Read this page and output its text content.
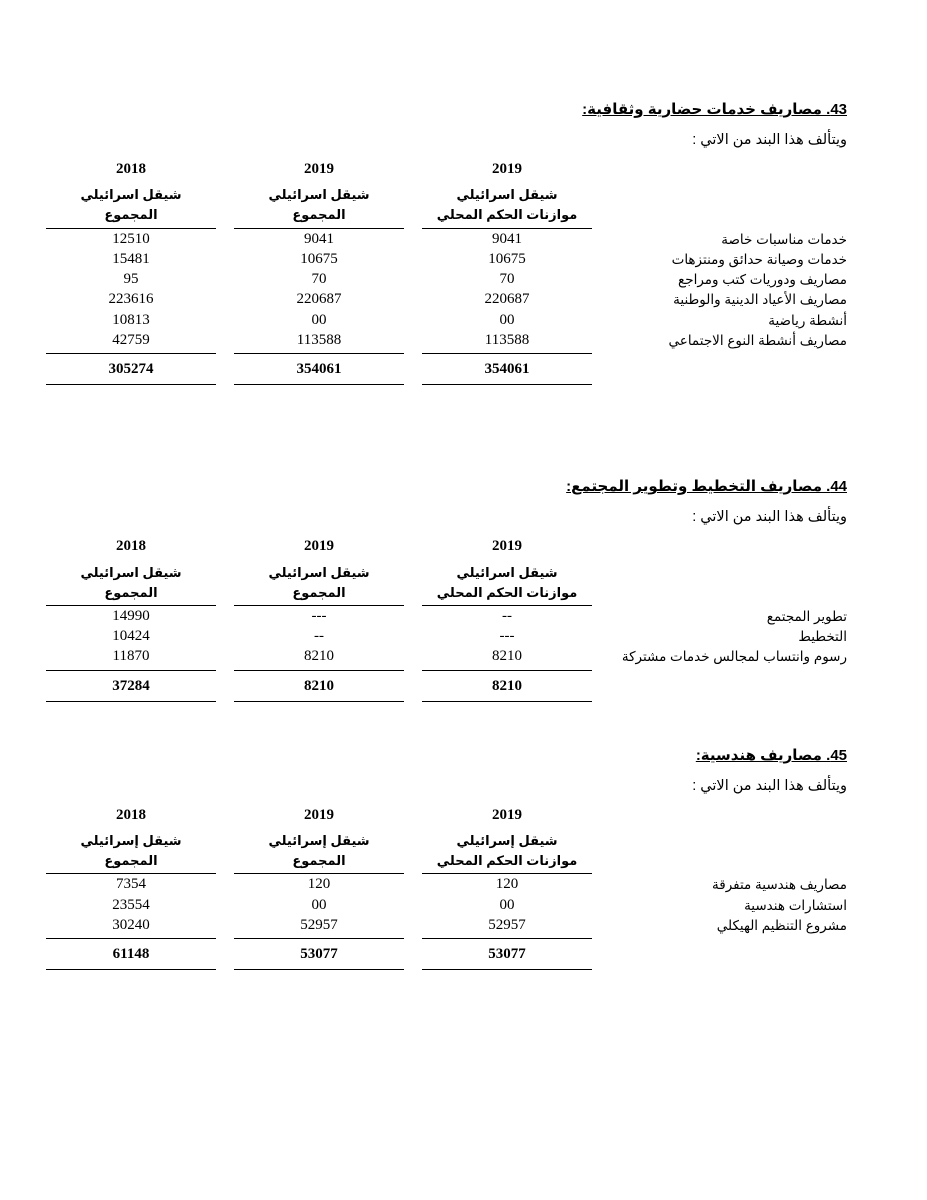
43. مصاريف خدمات حضارية وثقافية:
ويتألف هذا البند من الاتي :

2019
شيقل اسرائيلي
موازنات الحكم المحلي

2019
شيقل اسرائيلي
المجموع

2018
شيقل اسرائيلي
المجموع

	خدمات مناسبات خاصة	9041		9041		12510
	خدمات وصيانة حدائق ومنتزهات	10675		10675		15481
	مصاريف ودوريات كتب ومراجع	70		70		95
	مصاريف الأعياد الدينية والوطنية	220687		220687		223616
	أنشطة رياضية	00		00		10813
	مصاريف أنشطة النوع الاجتماعي	113588		113588		42759

		354061		354061		305274
44. مصاريف التخطيط وتطوير المجتمع:
ويتألف هذا البند من الاتي :

2019
شيقل اسرائيلي
موازنات الحكم المحلي

2019
شيقل اسرائيلي
المجموع

2018
شيقل اسرائيلي
المجموع

	تطوير المجتمع	--		---		14990
	التخطيط	---		--		10424
	رسوم وانتساب لمجالس خدمات مشتركة	8210		8210		11870

		8210		8210		37284
45. مصاريف هندسية:
ويتألف هذا البند من الاتي :

2019
شيقل إسرائيلي
موازنات الحكم المحلي

2019
شيقل إسرائيلي
المجموع

2018
شيقل إسرائيلي
المجموع

	مصاريف هندسية متفرقة	120		120		7354
	استشارات هندسية	00		00		23554
	مشروع التنظيم الهيكلي	52957		52957		30240

		53077		53077		61148
